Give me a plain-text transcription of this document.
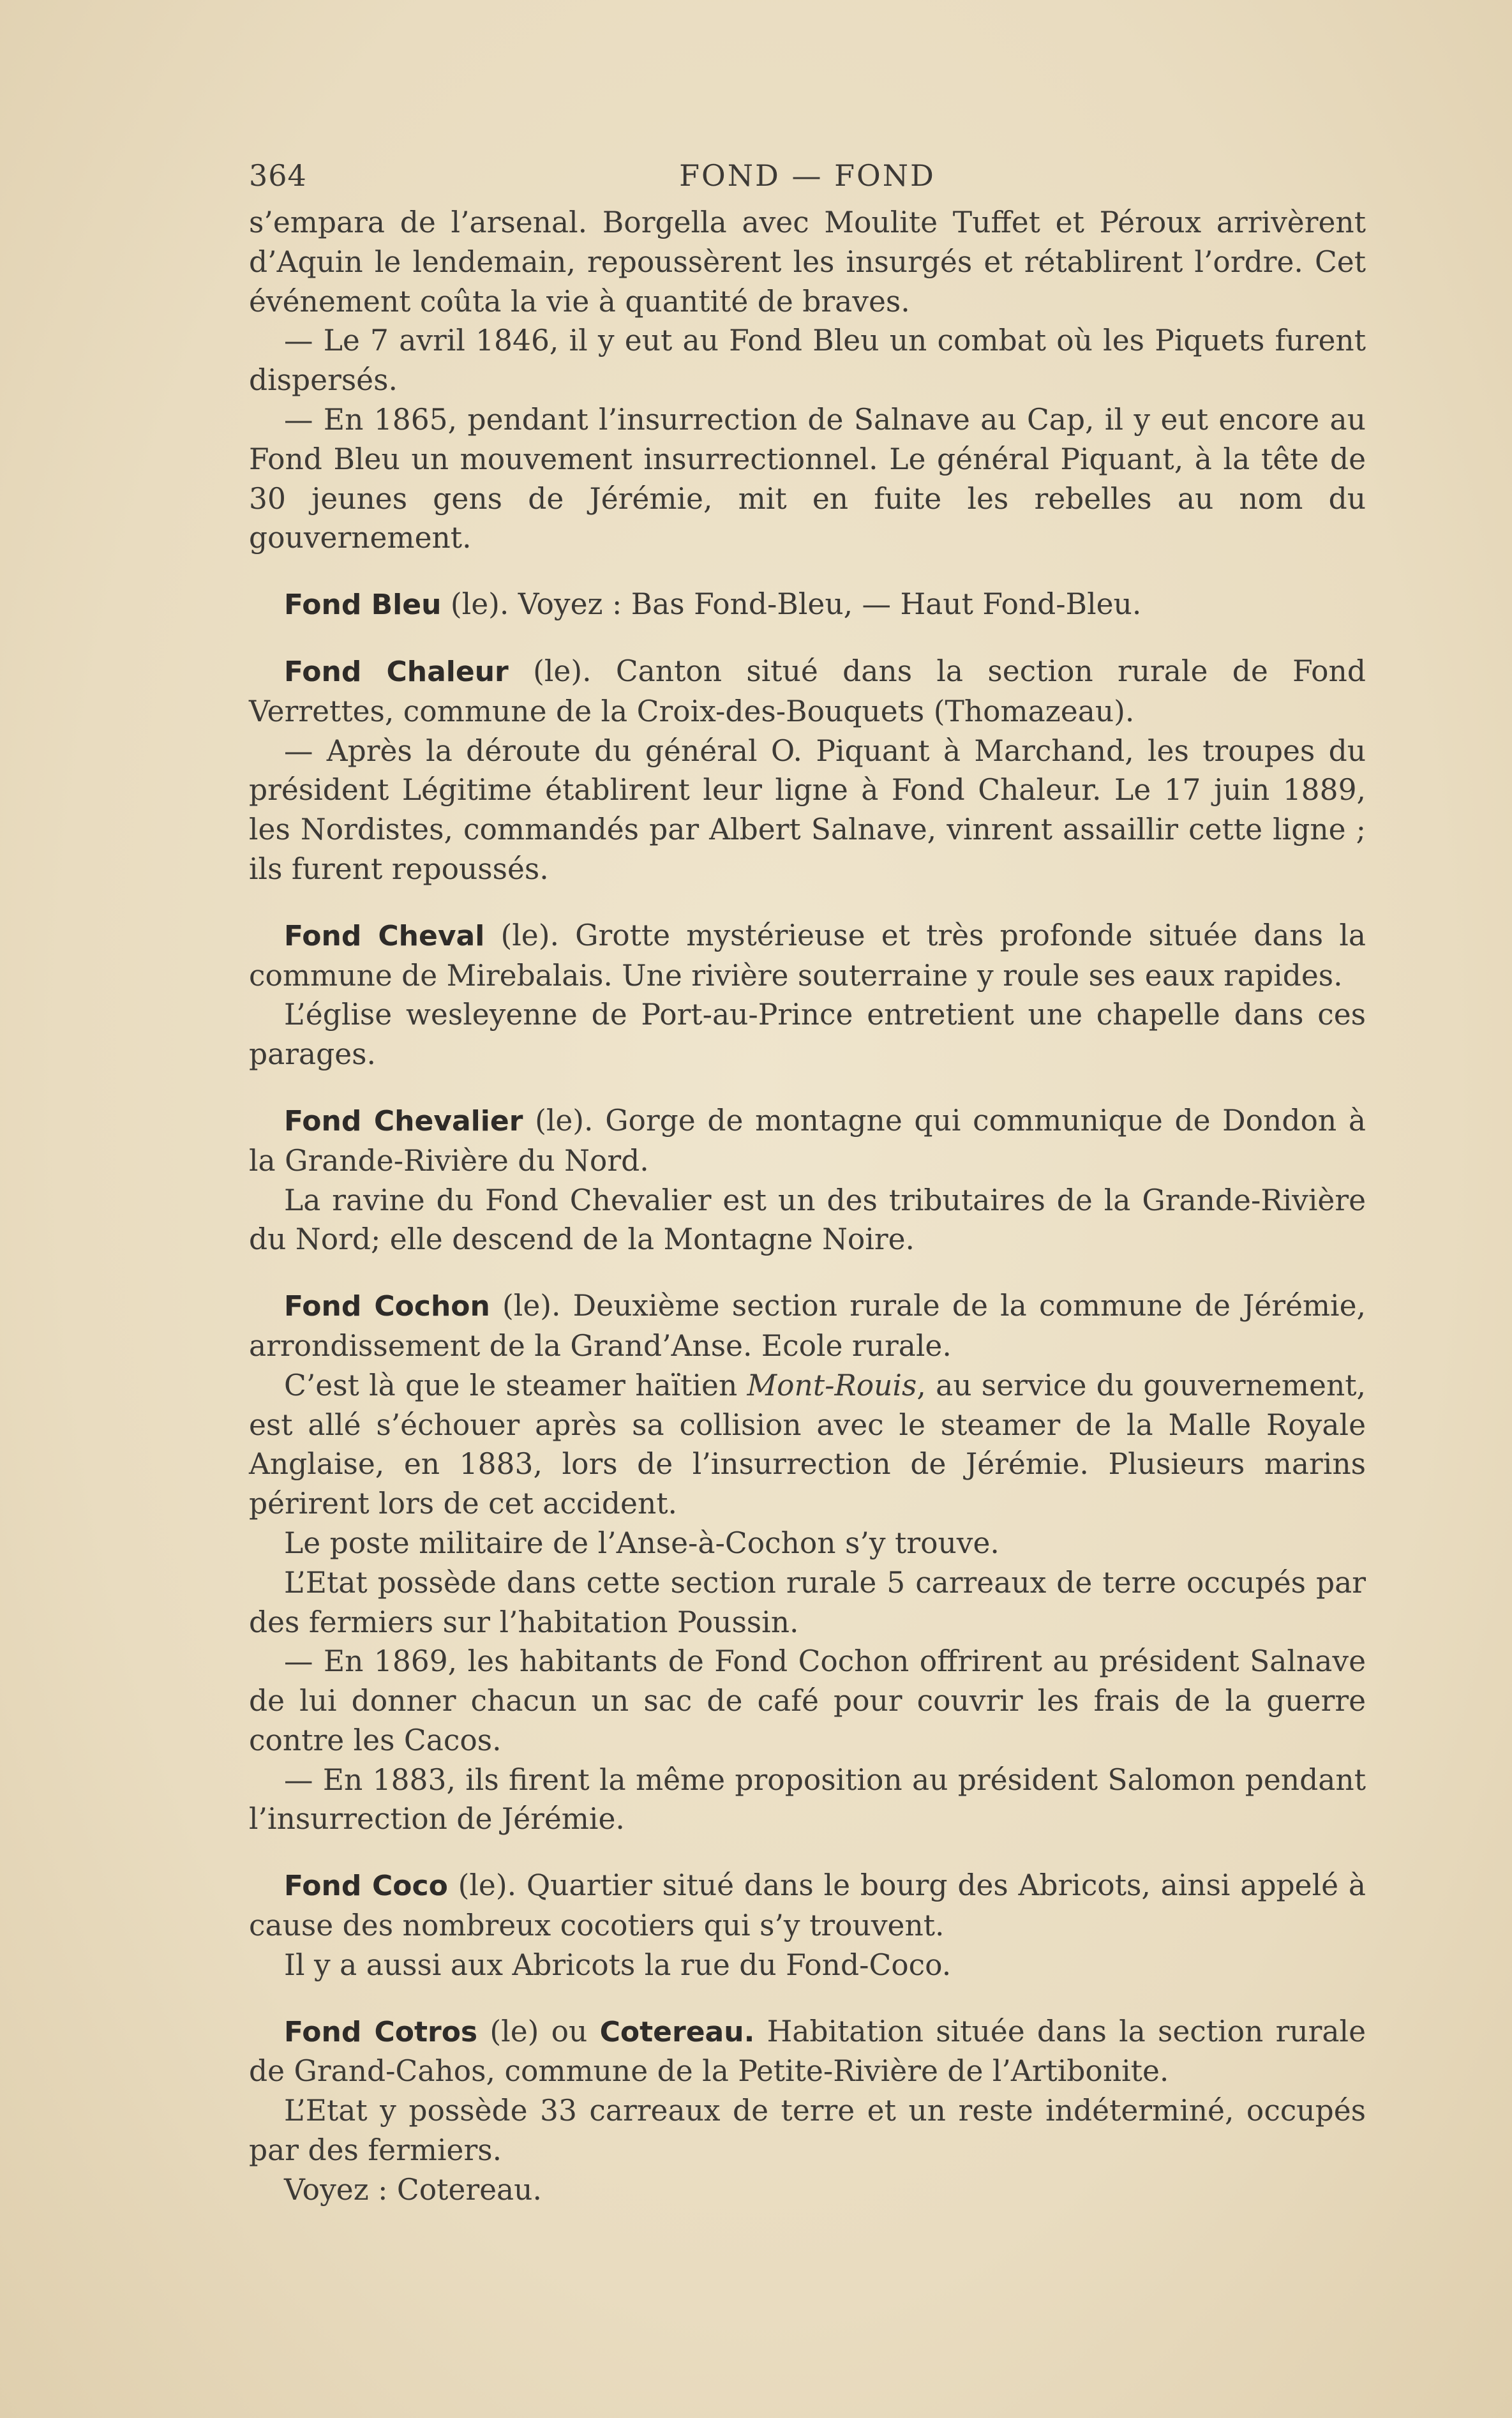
364	FOND — FOND

s’empara de l’arsenal. Borgella avec Moulite Tuffet et Péroux arrivèrent d’Aquin le lendemain, repoussèrent les insurgés et rétablirent l’ordre. Cet événement coûta la vie à quantité de braves.

— Le 7 avril 1846, il y eut au Fond Bleu un combat où les Piquets furent dispersés.

— En 1865, pendant l’insurrection de Salnave au Cap, il y eut encore au Fond Bleu un mouvement insurrectionnel. Le général Piquant, à la tête de 30 jeunes gens de Jérémie, mit en fuite les rebelles au nom du gouvernement.

Fond Bleu (le). Voyez : Bas Fond-Bleu, — Haut Fond-Bleu.

Fond Chaleur (le). Canton situé dans la section rurale de Fond Verrettes, commune de la Croix-des-Bouquets (Thomazeau).

— Après la déroute du général O. Piquant à Marchand, les troupes du président Légitime établirent leur ligne à Fond Chaleur. Le 17 juin 1889, les Nordistes, commandés par Albert Salnave, vinrent assaillir cette ligne ; ils furent repoussés.

Fond Cheval (le). Grotte mystérieuse et très profonde située dans la commune de Mirebalais. Une rivière souterraine y roule ses eaux rapides.

L’église wesleyenne de Port-au-Prince entretient une chapelle dans ces parages.

Fond Chevalier (le). Gorge de montagne qui communique de Dondon à la Grande-Rivière du Nord.

La ravine du Fond Chevalier est un des tributaires de la Grande-Rivière du Nord; elle descend de la Montagne Noire.

Fond Cochon (le). Deuxième section rurale de la commune de Jérémie, arrondissement de la Grand’Anse. Ecole rurale.

C’est là que le steamer haïtien Mont-Rouis, au service du gouvernement, est allé s’échouer après sa collision avec le steamer de la Malle Royale Anglaise, en 1883, lors de l’insurrection de Jérémie. Plusieurs marins périrent lors de cet accident.

Le poste militaire de l’Anse-à-Cochon s’y trouve.

L’Etat possède dans cette section rurale 5 carreaux de terre occupés par des fermiers sur l’habitation Poussin.

— En 1869, les habitants de Fond Cochon offrirent au président Salnave de lui donner chacun un sac de café pour couvrir les frais de la guerre contre les Cacos.

— En 1883, ils firent la même proposition au président Salomon pendant l’insurrection de Jérémie.

Fond Coco (le). Quartier situé dans le bourg des Abricots, ainsi appelé à cause des nombreux cocotiers qui s’y trouvent.

Il y a aussi aux Abricots la rue du Fond-Coco.

Fond Cotros (le) ou Cotereau. Habitation située dans la section rurale de Grand-Cahos, commune de la Petite-Rivière de l’Artibonite.

L’Etat y possède 33 carreaux de terre et un reste indéterminé, occupés par des fermiers.

Voyez : Cotereau.
